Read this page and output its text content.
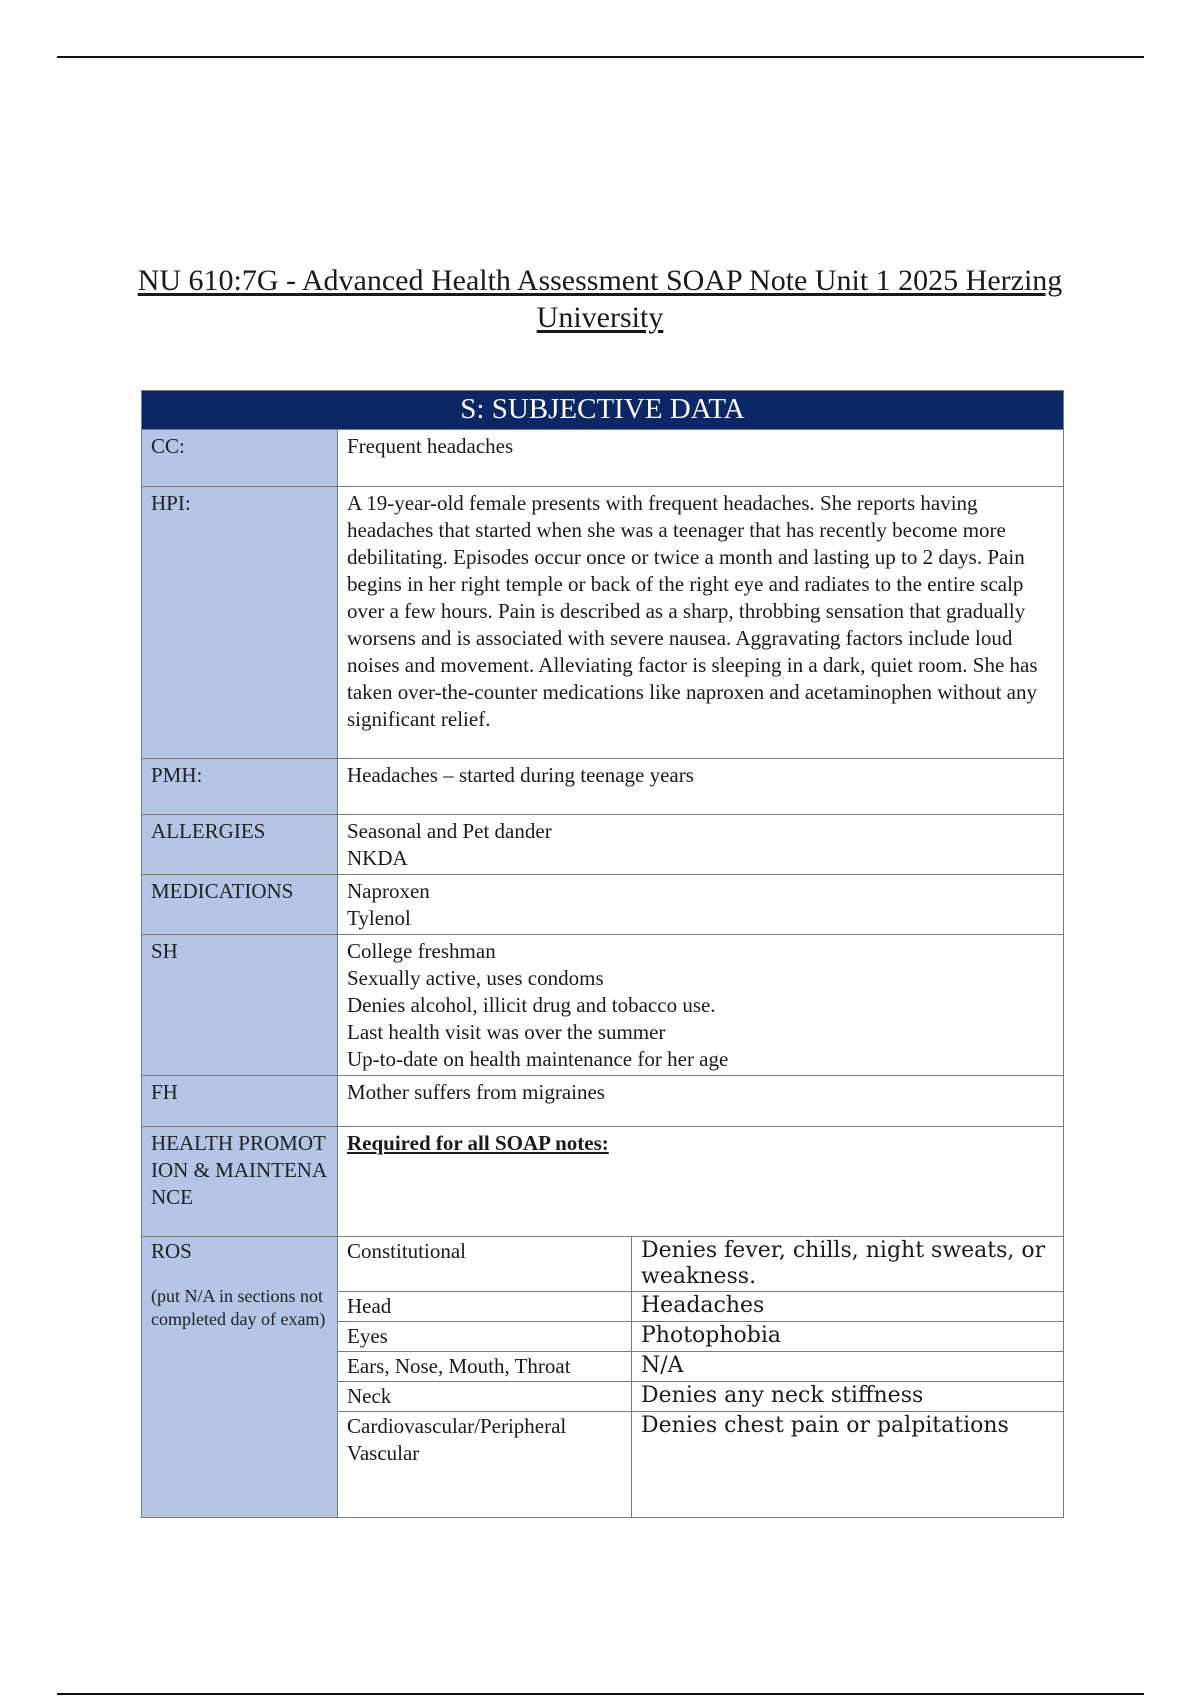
NU 610:7G - Advanced Health Assessment SOAP Note Unit 1 2025 Herzing University
S: SUBJECTIVE DATA		
CC:	Frequent headaches	
HPI:	A 19-year-old female presents with frequent headaches. She reports having headaches that started when she was a teenager that has recently become more debilitating. Episodes occur once or twice a month and lasting up to 2 days. Pain begins in her right temple or back of the right eye and radiates to the entire scalp over a few hours. Pain is described as a sharp, throbbing sensation that gradually worsens and is associated with severe nausea. Aggravating factors include loud noises and movement. Alleviating factor is sleeping in a dark, quiet room. She has taken over-the-counter medications like naproxen and acetaminophen without any significant relief.	
PMH:	Headaches – started during teenage years	
ALLERGIES	Seasonal and Pet dander
NKDA	

MEDICATIONS	Naproxen
Tylenol	

SH	College freshman
Sexually active, uses condoms
Denies alcohol, illicit drug and tobacco use.
Last health visit was over the summer
Up-to-date on health maintenance for her age	

FH	Mother suffers from migraines	
HEALTH PROMOTION & MAINTENANCE	Required for all SOAP notes:	

ROS
(put N/A in sections not completed day of exam)	Constitutional	Denies fever, chills, night sweats, or weakness.
	Head	Headaches
	Eyes	Photophobia
	Ears, Nose, Mouth, Throat	N/A
	Neck	Denies any neck stiffness
	Cardiovascular/Peripheral Vascular	Denies chest pain or palpitations
